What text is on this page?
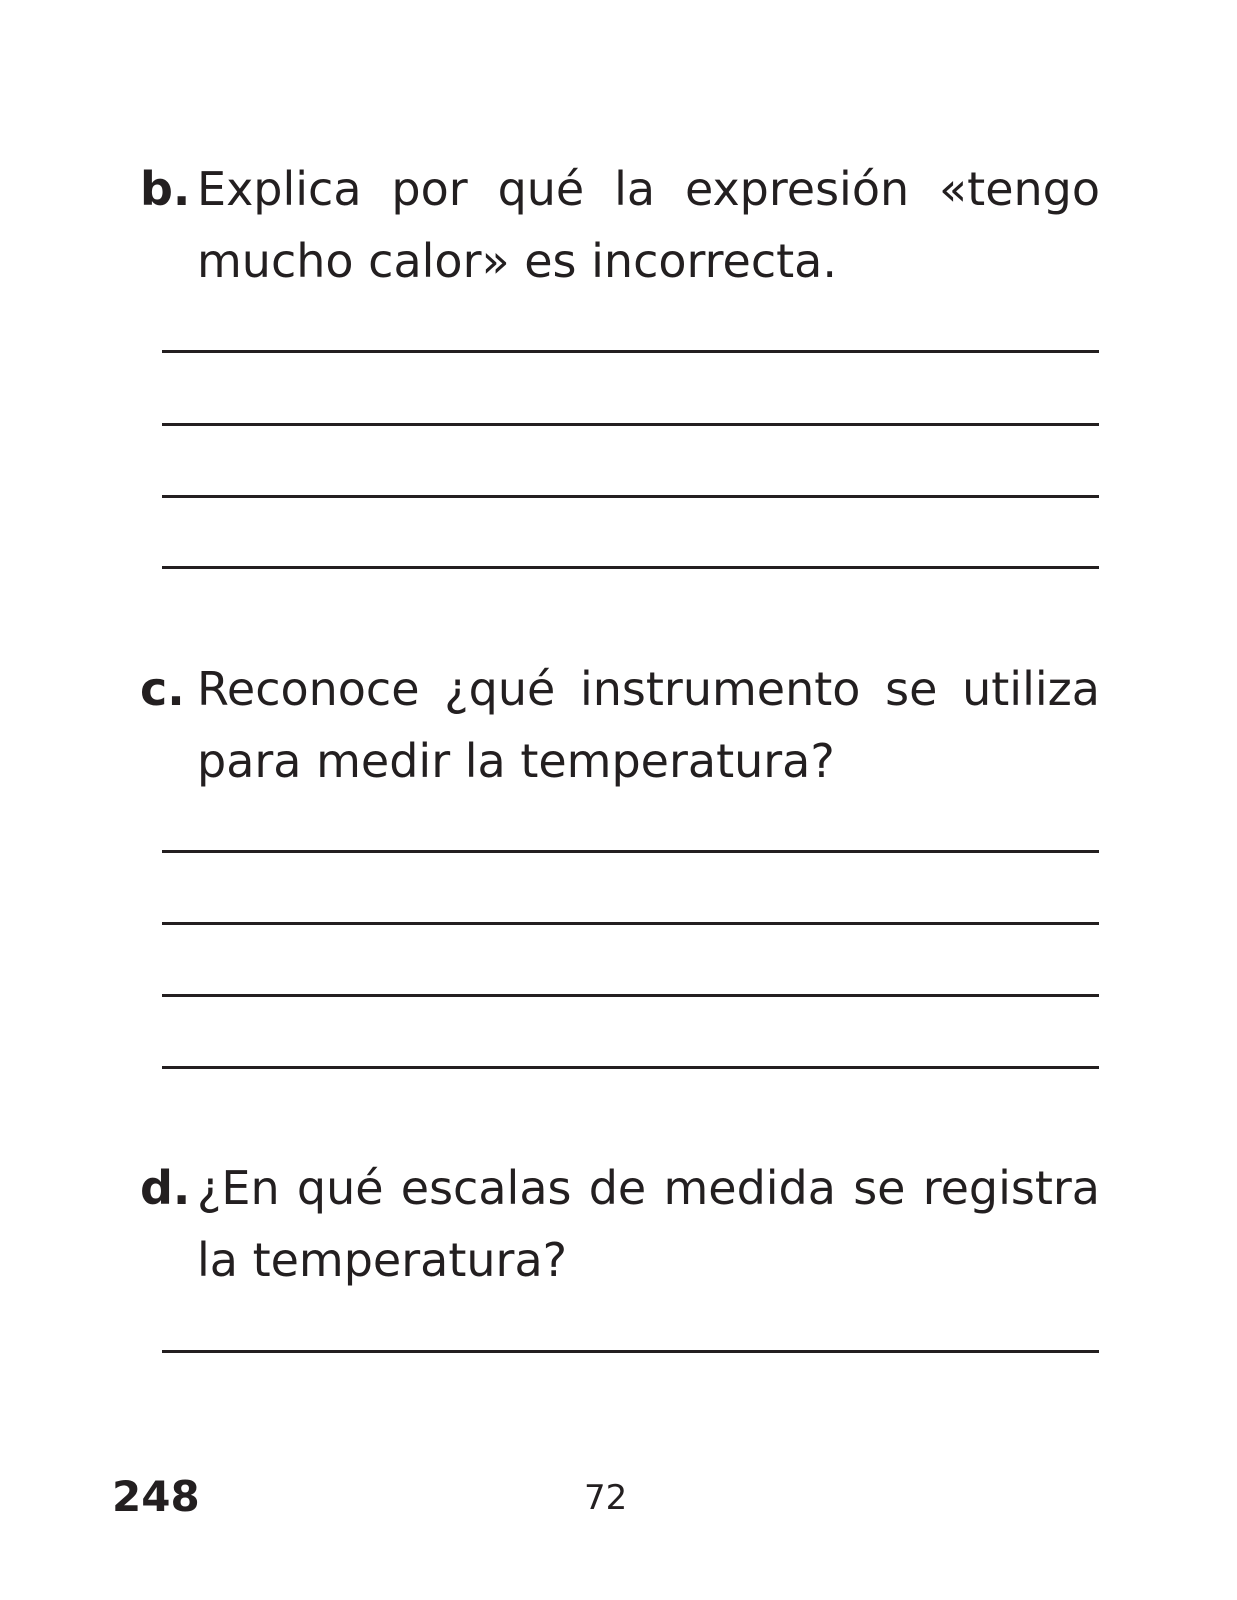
b. Explica por qué la expresión «tengo mucho calor» es incorrecta.
c. Reconoce ¿qué instrumento se utiliza para medir la temperatura?
d. ¿En qué escalas de medida se registra la temperatura?
248	72
